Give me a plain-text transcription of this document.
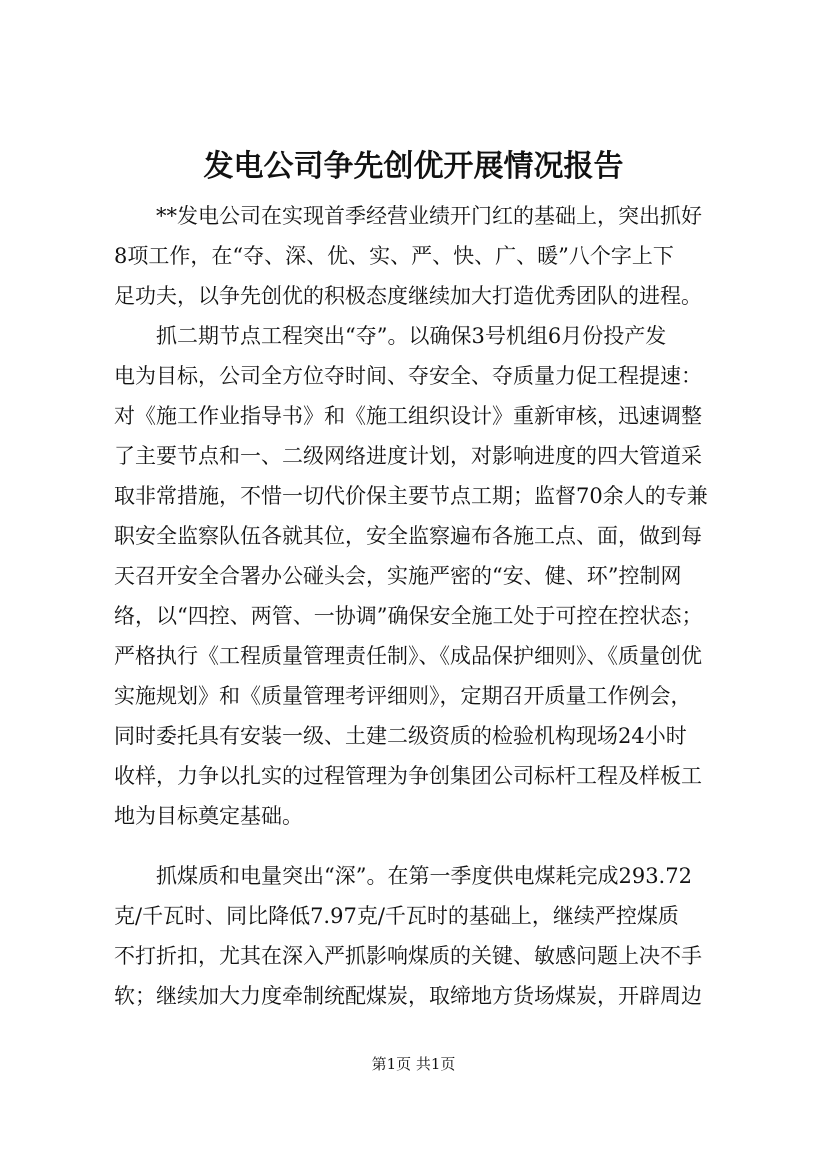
发电公司争先创优开展情况报告

**发电公司在实现首季经营业绩开门红的基础上，突出抓好

8项工作，在“夺、深、优、实、严、快、广、暖”八个字上下

足功夫，以争先创优的积极态度继续加大打造优秀团队的进程。

抓二期节点工程突出“夺”。以确保3号机组6月份投产发

电为目标，公司全方位夺时间、夺安全、夺质量力促工程提速：

对《施工作业指导书》和《施工组织设计》重新审核，迅速调整

了主要节点和一、二级网络进度计划，对影响进度的四大管道采

取非常措施，不惜一切代价保主要节点工期；监督70余人的专兼

职安全监察队伍各就其位，安全监察遍布各施工点、面，做到每

天召开安全合署办公碰头会，实施严密的“安、健、环”控制网

络，以“四控、两管、一协调”确保安全施工处于可控在控状态；

严格执行《工程质量管理责任制》、《成品保护细则》、《质量创优

实施规划》和《质量管理考评细则》，定期召开质量工作例会，

同时委托具有安装一级、土建二级资质的检验机构现场24小时

收样，力争以扎实的过程管理为争创集团公司标杆工程及样板工

地为目标奠定基础。

抓煤质和电量突出“深”。在第一季度供电煤耗完成293.72

克/千瓦时、同比降低7.97克/千瓦时的基础上，继续严控煤质

不打折扣，尤其在深入严抓影响煤质的关键、敏感问题上决不手

软；继续加大力度牵制统配煤炭，取缔地方货场煤炭，开辟周边

第1页 共1页
